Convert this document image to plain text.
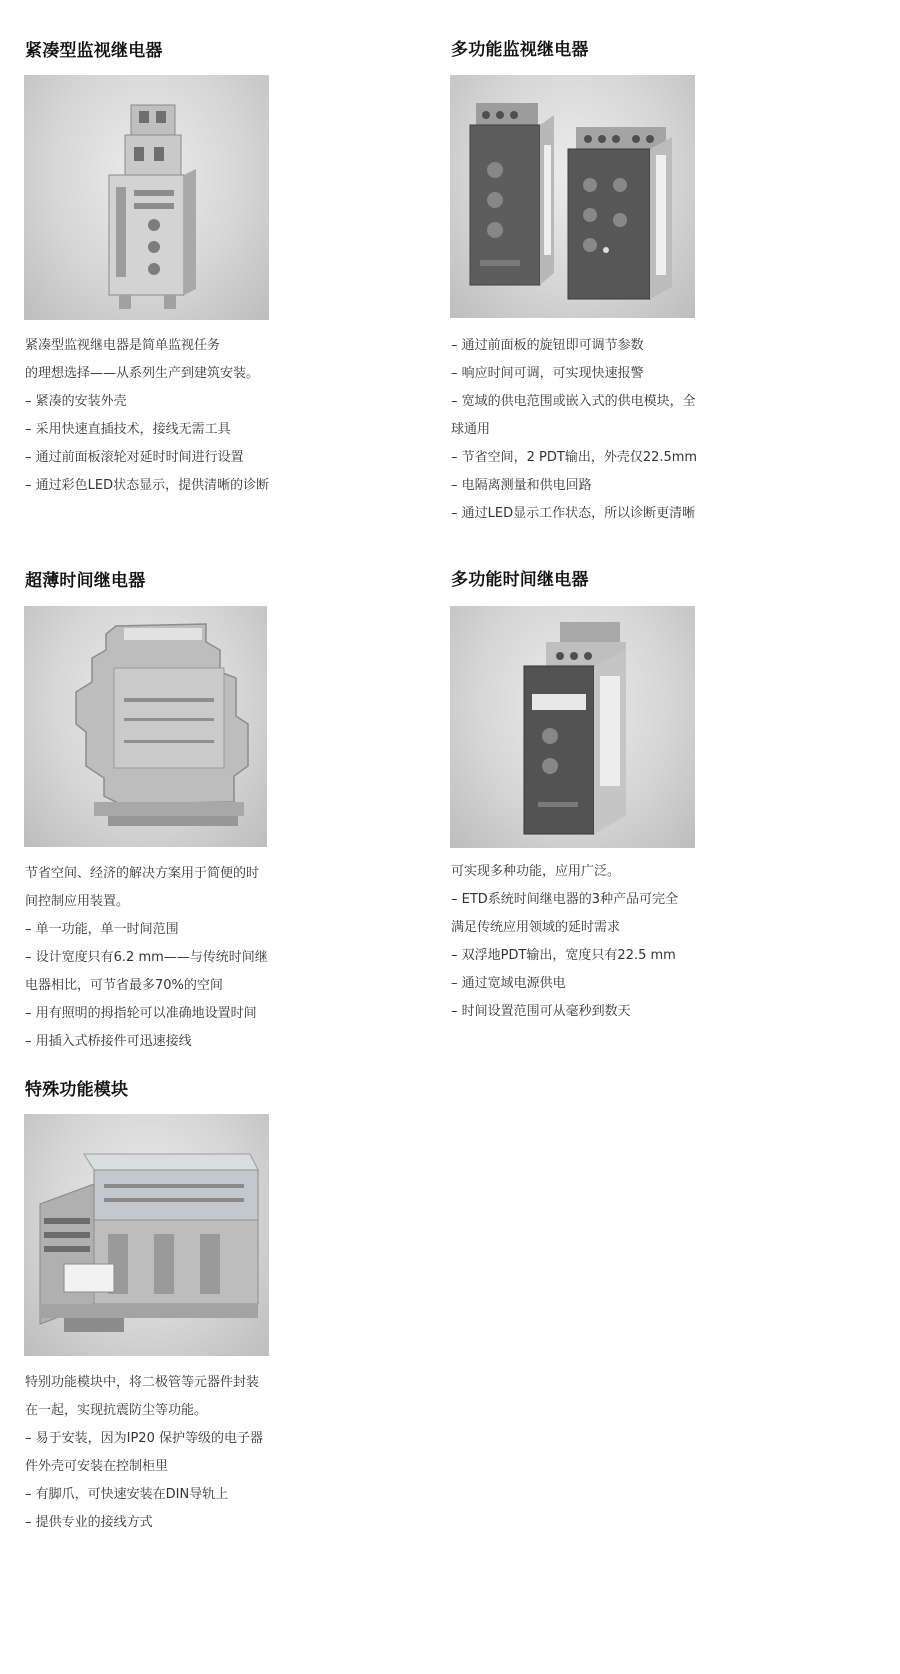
紧凑型监视继电器
紧凑型监视继电器是简单监视任务
的理想选择——从系列生产到建筑安装。
– 紧凑的安装外壳
– 采用快速直插技术，接线无需工具
– 通过前面板滚轮对延时时间进行设置
– 通过彩色LED状态显示，提供清晰的诊断
多功能监视继电器
– 通过前面板的旋钮即可调节参数
– 响应时间可调，可实现快速报警
– 宽域的供电范围或嵌入式的供电模块，全
球通用
– 节省空间，2 PDT输出，外壳仅22.5mm
– 电隔离测量和供电回路
– 通过LED显示工作状态，所以诊断更清晰
超薄时间继电器
节省空间、经济的解决方案用于简便的时
间控制应用装置。
– 单一功能，单一时间范围
– 设计宽度只有6.2 mm——与传统时间继
电器相比，可节省最多70%的空间
– 用有照明的拇指轮可以准确地设置时间
– 用插入式桥接件可迅速接线
多功能时间继电器
可实现多种功能，应用广泛。
– ETD系统时间继电器的3种产品可完全
满足传统应用领域的延时需求
– 双浮地PDT输出，宽度只有22.5 mm
– 通过宽域电源供电
– 时间设置范围可从毫秒到数天
特殊功能模块
特别功能模块中，将二极管等元器件封装
在一起，实现抗震防尘等功能。
– 易于安装，因为IP20 保护等级的电子器
件外壳可安装在控制柜里
– 有脚爪，可快速安装在DIN导轨上
– 提供专业的接线方式
